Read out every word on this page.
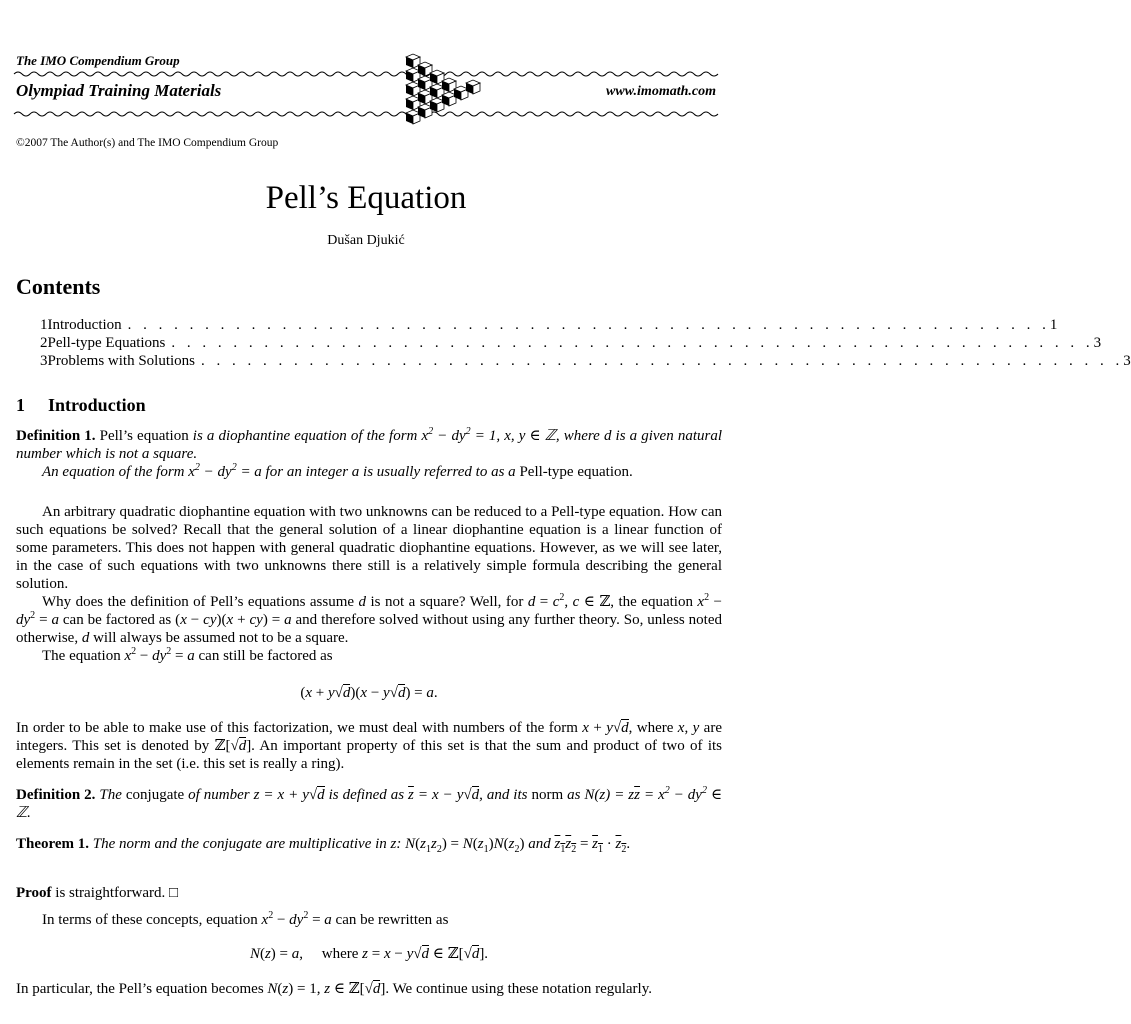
The IMO Compendium Group
Olympiad Training Materials	www.imomath.com
©2007 The Author(s) and The IMO Compendium Group
Pell’s Equation
Dušan Djukić
Contents
1 Introduction . . . . . . . . . . . . . . . . . . . . . . . . . . . . . . . . . . . . . . . . . . . . . . . . . . . . . . . . . . . . 1
2 Pell-type Equations . . . . . . . . . . . . . . . . . . . . . . . . . . . . . . . . . . . . . . . . . . . . . . . . . . . . . . . . . . . . 3
3 Problems with Solutions . . . . . . . . . . . . . . . . . . . . . . . . . . . . . . . . . . . . . . . . . . . . . . . . . . . . . . . . . . . . 3
1 Introduction

Definition 1. Pell’s equation is a diophantine equation of the form $x^2 - dy^2 = 1$, x, y ∈ ℤ, where d is a given natural number which is not a square.

An equation of the form $x^2 - dy^2 = a$ for an integer a is usually referred to as a Pell-type equation.

An arbitrary quadratic diophantine equation with two unknowns can be reduced to a Pell-type equation. How can such equations be solved? Recall that the general solution of a linear diophantine equation is a linear function of some parameters. This does not happen with general quadratic diophantine equations. However, as we will see later, in the case of such equations with two unknowns there still is a relatively simple formula describing the general solution.

Why does the definition of Pell’s equations assume d is not a square? Well, for $d = c^2$, c ∈ ℤ, the equation $x^2 - dy^2 = a$ can be factored as (x − cy)(x + cy) = a and therefore solved without using any further theory. So, unless noted otherwise, d will always be assumed not to be a square.

The equation $x^2 - dy^2 = a$ can still be factored as

(x + y√d)(x − y√d) = a.

In order to be able to make use of this factorization, we must deal with numbers of the form x + y√d, where x, y are integers. This set is denoted by ℤ[√d]. An important property of this set is that the sum and product of two of its elements remain in the set (i.e. this set is really a ring).

Definition 2. The conjugate of number z = x + y√d is defined as $\overline{z} = x - y√d$, and its norm as $N(z) = z\overline{z} = x^2 - dy^2$ ∈ ℤ.

Theorem 1. The norm and the conjugate are multiplicative in z: $N(z_1z_2) = N(z_1)N(z_2)$ and $z_1z_2 = z_1 \cdot z_2$.

Proof is straightforward. □

In terms of these concepts, equation $x^2 - dy^2 = a$ can be rewritten as

N(z) = a,     where z = x − y√d ∈ ℤ[√d].

In particular, the Pell’s equation becomes N(z) = 1, z ∈ ℤ[√d]. We continue using these notation regularly.
